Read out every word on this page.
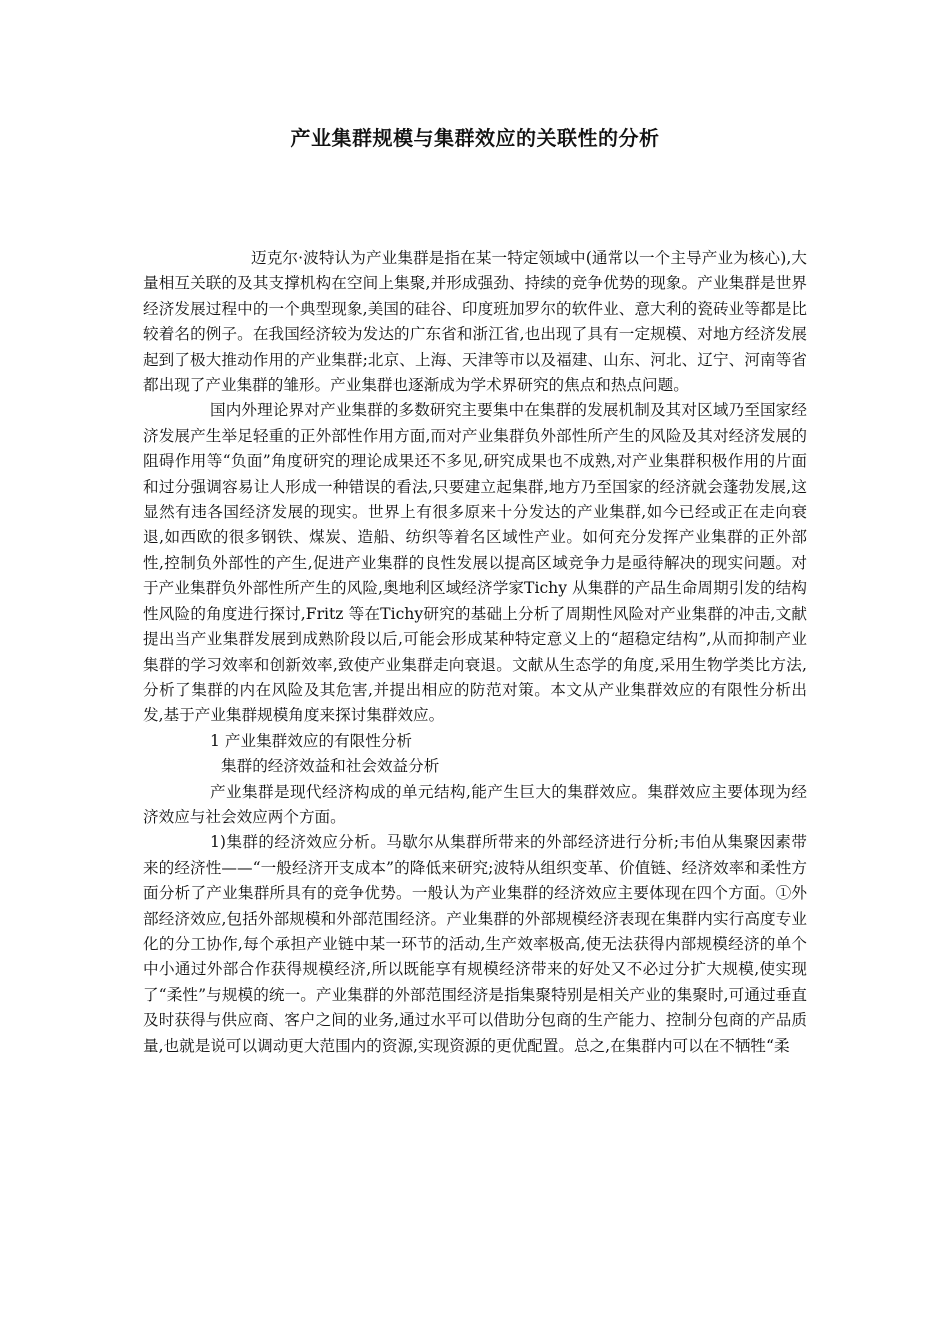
产业集群规模与集群效应的关联性的分析

迈克尔·波特认为产业集群是指在某一特定领域中(通常以一个主导产业为核心),大量相互关联的及其支撑机构在空间上集聚,并形成强劲、持续的竞争优势的现象。产业集群是世界经济发展过程中的一个典型现象,美国的硅谷、印度班加罗尔的软件业、意大利的瓷砖业等都是比较着名的例子。在我国经济较为发达的广东省和浙江省,也出现了具有一定规模、对地方经济发展起到了极大推动作用的产业集群;北京、上海、天津等市以及福建、山东、河北、辽宁、河南等省都出现了产业集群的雏形。产业集群也逐渐成为学术界研究的焦点和热点问题。

国内外理论界对产业集群的多数研究主要集中在集群的发展机制及其对区域乃至国家经济发展产生举足轻重的正外部性作用方面,而对产业集群负外部性所产生的风险及其对经济发展的阻碍作用等“负面”角度研究的理论成果还不多见,研究成果也不成熟,对产业集群积极作用的片面和过分强调容易让人形成一种错误的看法,只要建立起集群,地方乃至国家的经济就会蓬勃发展,这显然有违各国经济发展的现实。世界上有很多原来十分发达的产业集群,如今已经或正在走向衰退,如西欧的很多钢铁、煤炭、造船、纺织等着名区域性产业。如何充分发挥产业集群的正外部性,控制负外部性的产生,促进产业集群的良性发展以提高区域竞争力是亟待解决的现实问题。对于产业集群负外部性所产生的风险,奥地利区域经济学家Tichy 从集群的产品生命周期引发的结构性风险的角度进行探讨,Fritz 等在Tichy研究的基础上分析了周期性风险对产业集群的冲击,文献提出当产业集群发展到成熟阶段以后,可能会形成某种特定意义上的“超稳定结构”,从而抑制产业集群的学习效率和创新效率,致使产业集群走向衰退。文献从生态学的角度,采用生物学类比方法,分析了集群的内在风险及其危害,并提出相应的防范对策。本文从产业集群效应的有限性分析出发,基于产业集群规模角度来探讨集群效应。

1 产业集群效应的有限性分析

集群的经济效益和社会效益分析

产业集群是现代经济构成的单元结构,能产生巨大的集群效应。集群效应主要体现为经济效应与社会效应两个方面。

1)集群的经济效应分析。马歇尔从集群所带来的外部经济进行分析;韦伯从集聚因素带来的经济性——“一般经济开支成本”的降低来研究;波特从组织变革、价值链、经济效率和柔性方面分析了产业集群所具有的竞争优势。一般认为产业集群的经济效应主要体现在四个方面。①外部经济效应,包括外部规模和外部范围经济。产业集群的外部规模经济表现在集群内实行高度专业化的分工协作,每个承担产业链中某一环节的活动,生产效率极高,使无法获得内部规模经济的单个中小通过外部合作获得规模经济,所以既能享有规模经济带来的好处又不必过分扩大规模,使实现了“柔性”与规模的统一。产业集群的外部范围经济是指集聚特别是相关产业的集聚时,可通过垂直及时获得与供应商、客户之间的业务,通过水平可以借助分包商的生产能力、控制分包商的产品质量,也就是说可以调动更大范围内的资源,实现资源的更优配置。总之,在集群内可以在不牺牲“柔
